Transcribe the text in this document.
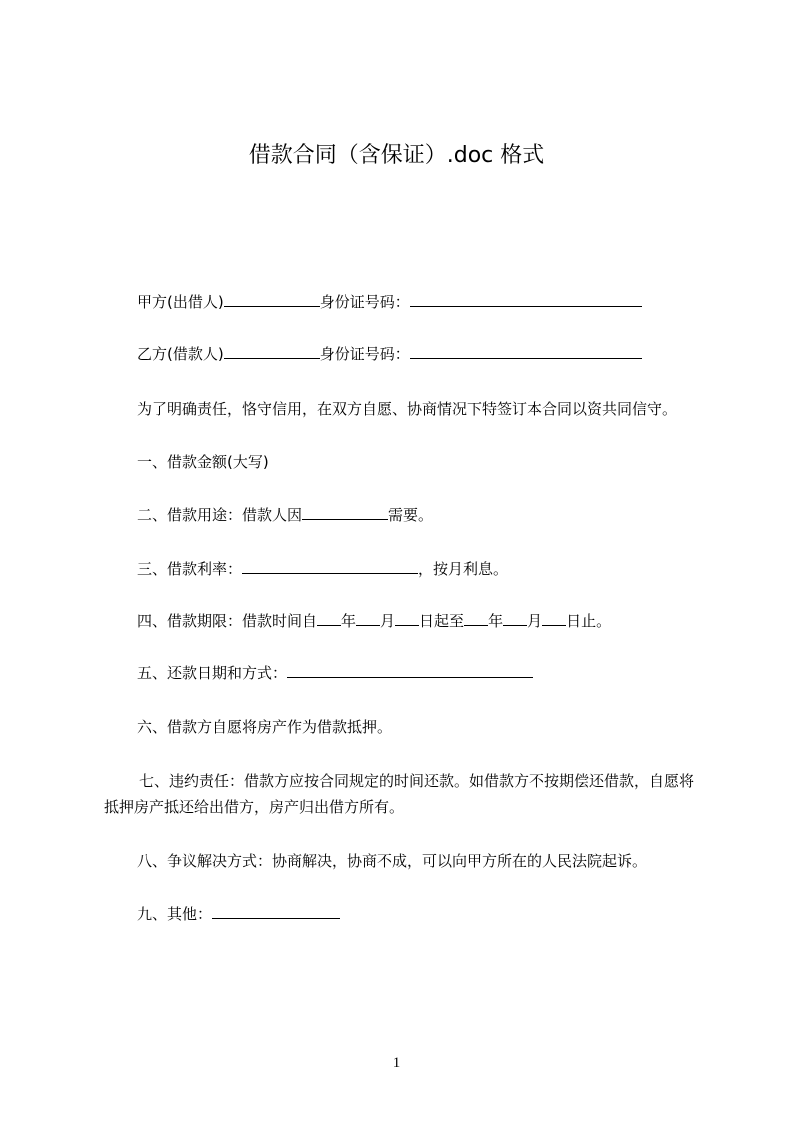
借款合同（含保证）.doc 格式
甲方(出借人)	身份证号码：
乙方(借款人)	身份证号码：
为了明确责任，恪守信用，在双方自愿、协商情况下特签订本合同以资共同信守。
一、借款金额(大写)
二、借款用途：借款人因	需要。
三、借款利率：	，按月利息。
四、借款期限：借款时间自 年 月 日起至 年 月 日止。
五、还款日期和方式：
六、借款方自愿将房产作为借款抵押。
七、违约责任：借款方应按合同规定的时间还款。如借款方不按期偿还借款，自愿将抵押房产抵还给出借方，房产归出借方所有。
八、争议解决方式：协商解决，协商不成，可以向甲方所在的人民法院起诉。
九、其他：
1
